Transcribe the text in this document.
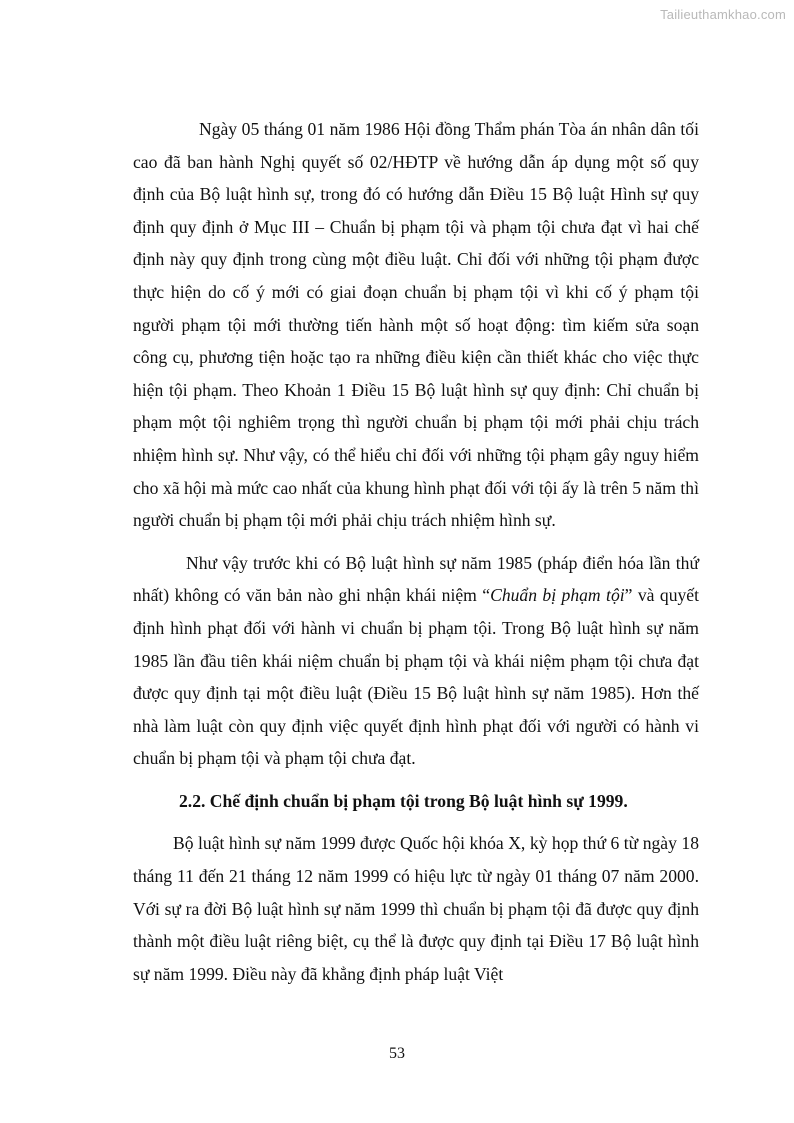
Tailieuthamkhao.com

Ngày 05 tháng 01 năm 1986 Hội đồng Thẩm phán Tòa án nhân dân tối cao đã ban hành Nghị quyết số 02/HĐTP về hướng dẫn áp dụng một số quy định của Bộ luật hình sự, trong đó có hướng dẫn Điều 15 Bộ luật Hình sự quy định quy định ở Mục III – Chuẩn bị phạm tội và phạm tội chưa đạt vì hai chế định này quy định trong cùng một điều luật. Chỉ đối với những tội phạm được thực hiện do cố ý mới có giai đoạn chuẩn bị phạm tội vì khi cố ý phạm tội người phạm tội mới thường tiến hành một số hoạt động: tìm kiếm sửa soạn công cụ, phương tiện hoặc tạo ra những điều kiện cần thiết khác cho việc thực hiện tội phạm. Theo Khoản 1 Điều 15 Bộ luật hình sự quy định: Chỉ chuẩn bị phạm một tội nghiêm trọng thì người chuẩn bị phạm tội mới phải chịu trách nhiệm hình sự. Như vậy, có thể hiểu chỉ đối với những tội phạm gây nguy hiểm cho xã hội mà mức cao nhất của khung hình phạt đối với tội ấy là trên 5 năm thì người chuẩn bị phạm tội mới phải chịu trách nhiệm hình sự.

Như vậy trước khi có Bộ luật hình sự năm 1985 (pháp điển hóa lần thứ nhất) không có văn bản nào ghi nhận khái niệm “Chuẩn bị phạm tội” và quyết định hình phạt đối với hành vi chuẩn bị phạm tội. Trong Bộ luật hình sự năm 1985 lần đầu tiên khái niệm chuẩn bị phạm tội và khái niệm phạm tội chưa đạt được quy định tại một điều luật (Điều 15 Bộ luật hình sự năm 1985). Hơn thế nhà làm luật còn quy định việc quyết định hình phạt đối với người có hành vi chuẩn bị phạm tội và phạm tội chưa đạt.

2.2. Chế định chuẩn bị phạm tội trong Bộ luật hình sự 1999.

Bộ luật hình sự năm 1999 được Quốc hội khóa X, kỳ họp thứ 6 từ ngày 18 tháng 11 đến 21 tháng 12 năm 1999 có hiệu lực từ ngày 01 tháng 07 năm 2000. Với sự ra đời Bộ luật hình sự năm 1999 thì chuẩn bị phạm tội đã được quy định thành một điều luật riêng biệt, cụ thể là được quy định tại Điều 17 Bộ luật hình sự năm 1999. Điều này đã khẳng định pháp luật Việt

53
